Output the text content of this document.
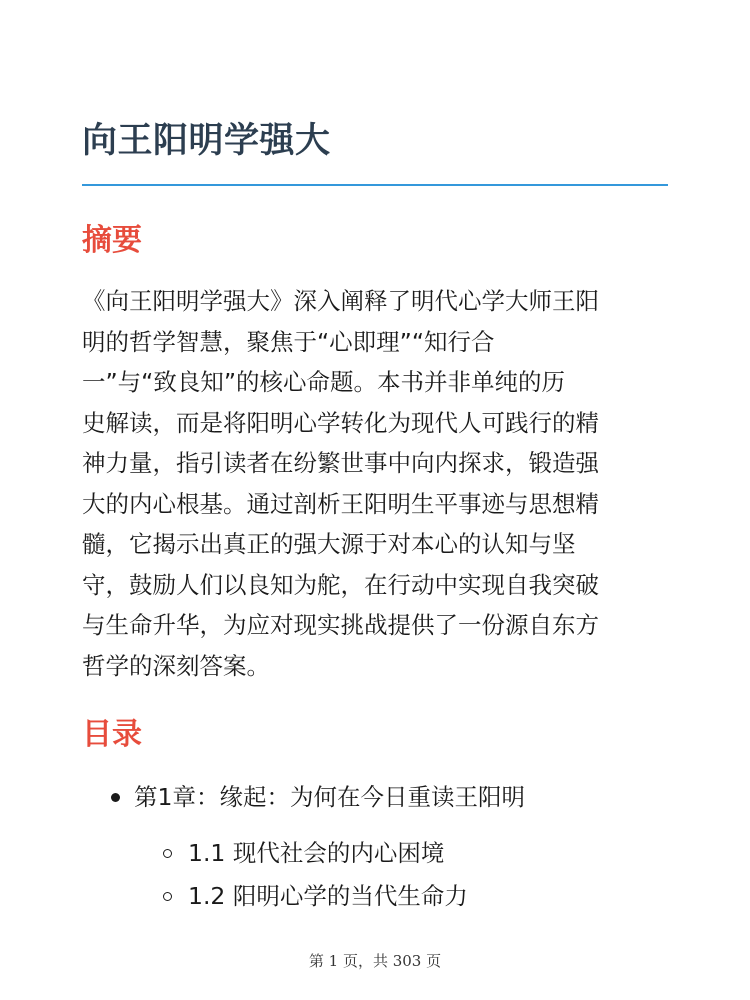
向王阳明学强大
摘要

《向王阳明学强大》深入阐释了明代心学大师王阳
明的哲学智慧，聚焦于“心即理”“知行合
一”与“致良知”的核心命题。本书并非单纯的历
史解读，而是将阳明心学转化为现代人可践行的精
神力量，指引读者在纷繁世事中向内探求，锻造强
大的内心根基。通过剖析王阳明生平事迹与思想精
髓，它揭示出真正的强大源于对本心的认知与坚
守，鼓励人们以良知为舵，在行动中实现自我突破
与生命升华，为应对现实挑战提供了一份源自东方
哲学的深刻答案。

目录
第1章：缘起：为何在今日重读王阳明
1.1 现代社会的内心困境
1.2 阳明心学的当代生命力
第 1 页，共 303 页
